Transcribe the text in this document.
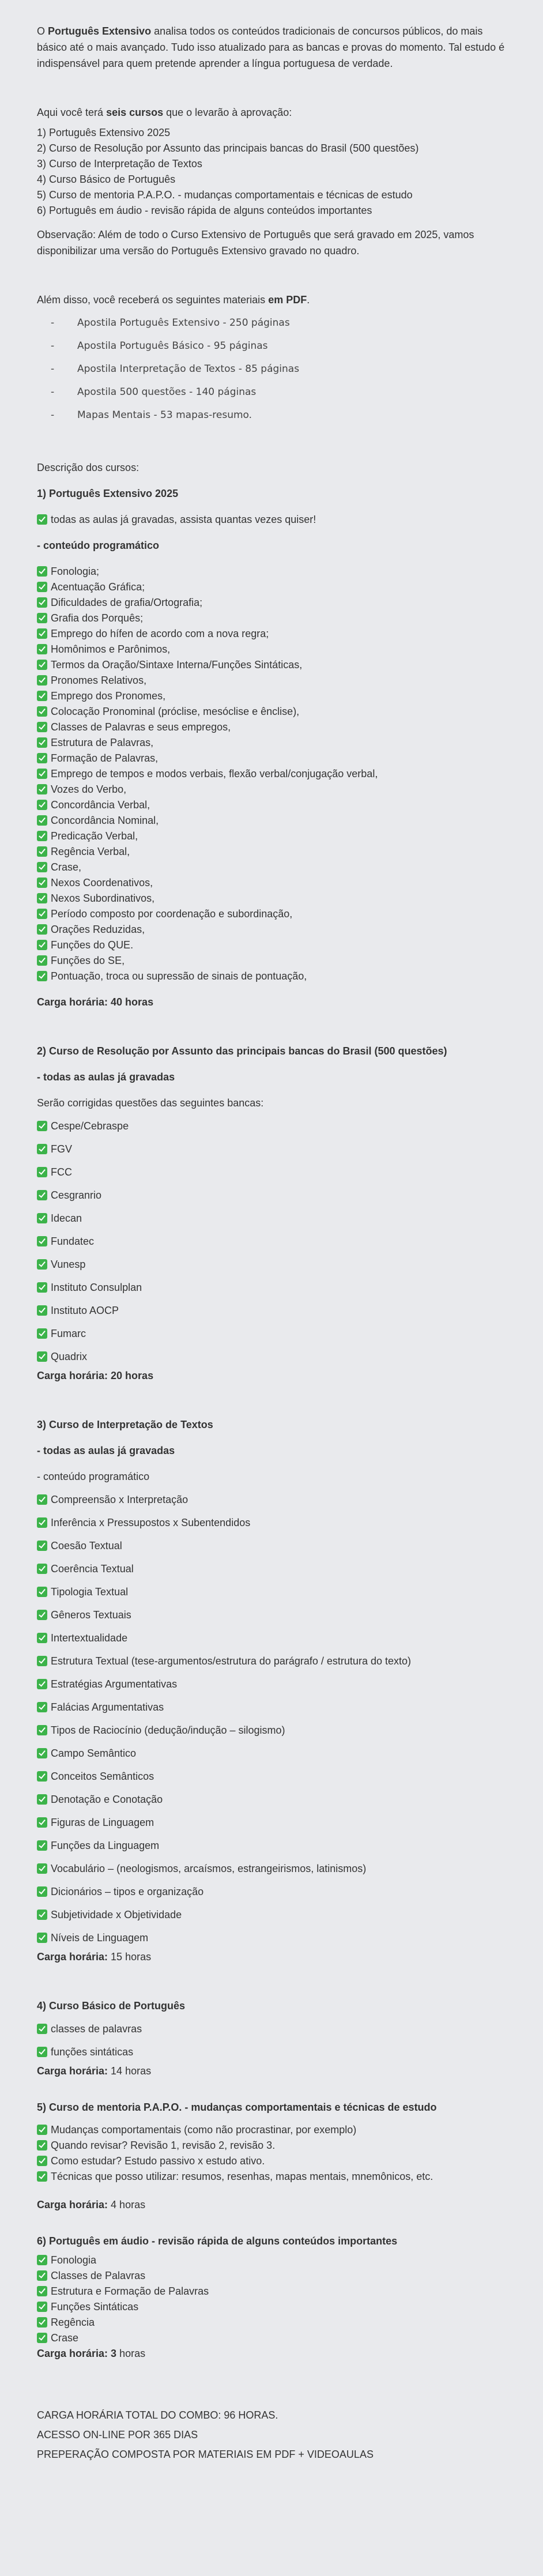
O Português Extensivo analisa todos os conteúdos tradicionais de concursos públicos, do mais básico até o mais avançado. Tudo isso atualizado para as bancas e provas do momento. Tal estudo é indispensável para quem pretende aprender a língua portuguesa de verdade.

Aqui você terá seis cursos que o levarão à aprovação:

1) Português Extensivo 2025

2) Curso de Resolução por Assunto das principais bancas do Brasil (500 questões)

3) Curso de Interpretação de Textos

4) Curso Básico de Português

5) Curso de mentoria P.A.P.O. - mudanças comportamentais e técnicas de estudo

6) Português em áudio - revisão rápida de alguns conteúdos importantes

Observação: Além de todo o Curso Extensivo de Português que será gravado em 2025, vamos disponibilizar uma versão do Português Extensivo gravado no quadro.

Além disso, você receberá os seguintes materiais em PDF.

- Apostila Português Extensivo - 250 páginas
- Apostila Português Básico - 95 páginas
- Apostila Interpretação de Textos - 85 páginas
- Apostila 500 questões - 140 páginas
- Mapas Mentais - 53 mapas-resumo.

Descrição dos cursos:

1) Português Extensivo 2025

todas as aulas já gravadas, assista quantas vezes quiser!

- conteúdo programático

Fonologia;

Acentuação Gráfica;

Dificuldades de grafia/Ortografia;

Grafia dos Porquês;

Emprego do hífen de acordo com a nova regra;

Homônimos e Parônimos,

Termos da Oração/Sintaxe Interna/Funções Sintáticas,

Pronomes Relativos,

Emprego dos Pronomes,

Colocação Pronominal (próclise, mesóclise e ênclise),

Classes de Palavras e seus empregos,

Estrutura de Palavras,

Formação de Palavras,

Emprego de tempos e modos verbais, flexão verbal/conjugação verbal,

Vozes do Verbo,

Concordância Verbal,

Concordância Nominal,

Predicação Verbal,

Regência Verbal,

Crase,

Nexos Coordenativos,

Nexos Subordinativos,

Período composto por coordenação e subordinação,

Orações Reduzidas,

Funções do QUE.

Funções do SE,

Pontuação, troca ou supressão de sinais de pontuação,

Carga horária: 40 horas

2) Curso de Resolução por Assunto das principais bancas do Brasil (500 questões)

- todas as aulas já gravadas

Serão corrigidas questões das seguintes bancas:

Cespe/Cebraspe

FGV

FCC

Cesgranrio

Idecan

Fundatec

Vunesp

Instituto Consulplan

Instituto AOCP

Fumarc

Quadrix

Carga horária: 20 horas

3) Curso de Interpretação de Textos

- todas as aulas já gravadas

- conteúdo programático

Compreensão x Interpretação

Inferência x Pressupostos x Subentendidos

Coesão Textual

Coerência Textual

Tipologia Textual

Gêneros Textuais

Intertextualidade

Estrutura Textual (tese-argumentos/estrutura do parágrafo / estrutura do texto)

Estratégias Argumentativas

Falácias Argumentativas

Tipos de Raciocínio (dedução/indução – silogismo)

Campo Semântico

Conceitos Semânticos

Denotação e Conotação

Figuras de Linguagem

Funções da Linguagem

Vocabulário – (neologismos, arcaísmos, estrangeirismos, latinismos)

Dicionários – tipos e organização

Subjetividade x Objetividade

Níveis de Linguagem

Carga horária: 15 horas

4) Curso Básico de Português

classes de palavras

funções sintáticas

Carga horária: 14 horas

5) Curso de mentoria P.A.P.O. - mudanças comportamentais e técnicas de estudo

Mudanças comportamentais (como não procrastinar, por exemplo)

Quando revisar? Revisão 1, revisão 2, revisão 3.

Como estudar? Estudo passivo x estudo ativo.

Técnicas que posso utilizar: resumos, resenhas, mapas mentais, mnemônicos, etc.

Carga horária: 4 horas

6) Português em áudio - revisão rápida de alguns conteúdos importantes

Fonologia

Classes de Palavras

Estrutura e Formação de Palavras

Funções Sintáticas

Regência

Crase

Carga horária: 3 horas

CARGA HORÁRIA TOTAL DO COMBO: 96 HORAS.

ACESSO ON-LINE POR 365 DIAS

PREPERAÇÃO COMPOSTA POR MATERIAIS EM PDF + VIDEOAULAS
